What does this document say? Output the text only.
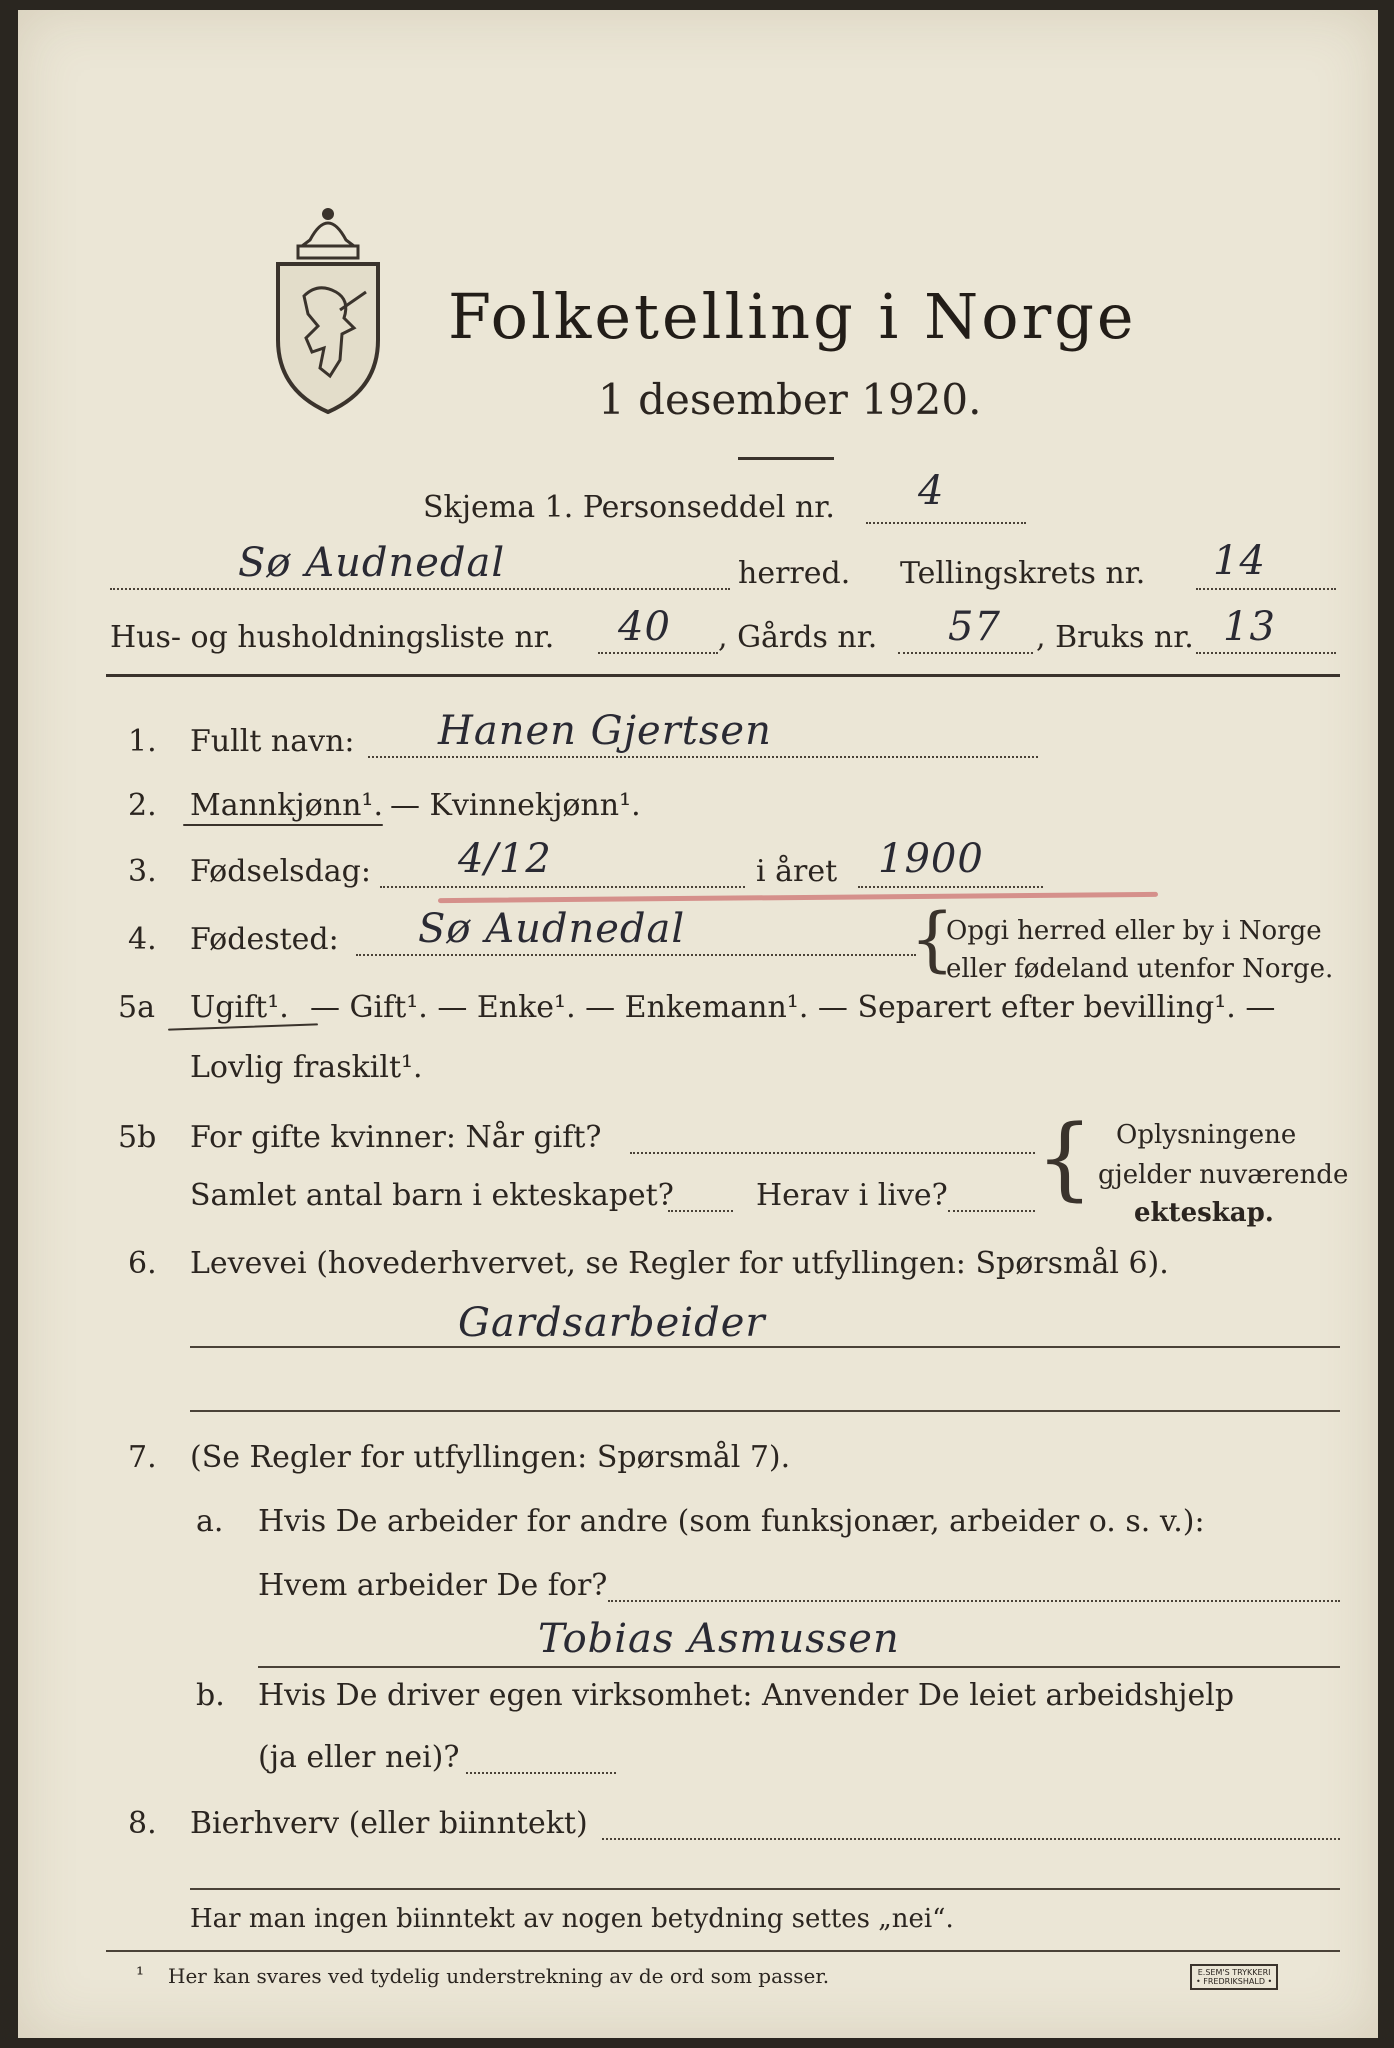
Folketelling i Norge
1 desember 1920.
Skjema 1. Personseddel nr. 4
Sø Audnedal	herred. Tellingskrets nr. 14
Hus- og husholdningsliste nr. 40 , Gårds nr. 57 , Bruks nr. 13
1. Fullt navn: Hanen Gjertsen
2. Mannkjønn¹. — Kvinnekjønn¹.
3. Fødselsdag: 4/12	i året 1900
4. Fødested: Sø Audnedal	{
Opgi herred eller by i Norge
eller fødeland utenfor Norge.
5a Ugift¹. — Gift¹. — Enke¹. — Enkemann¹. — Separert efter bevilling¹. —
Lovlig fraskilt¹.
5b For gifte kvinner: Når gift?
Samlet antal barn i ekteskapet?	Herav i live? { Oplysningene
gjelder nuværende
ekteskap.
6. Levevei (hovederhvervet, se Regler for utfyllingen: Spørsmål 6).
Gardsarbeider
7. (Se Regler for utfyllingen: Spørsmål 7).
a. Hvis De arbeider for andre (som funksjonær, arbeider o. s. v.):
Hvem arbeider De for?
Tobias Asmussen
b. Hvis De driver egen virksomhet: Anvender De leiet arbeidshjelp
(ja eller nei)?
8. Bierhverv (eller biinntekt)
Har man ingen biinntekt av nogen betydning settes „nei“.
¹ Her kan svares ved tydelig understrekning av de ord som passer.	E.SEM'S TRYKKERI
• FREDRIKSHALD •
